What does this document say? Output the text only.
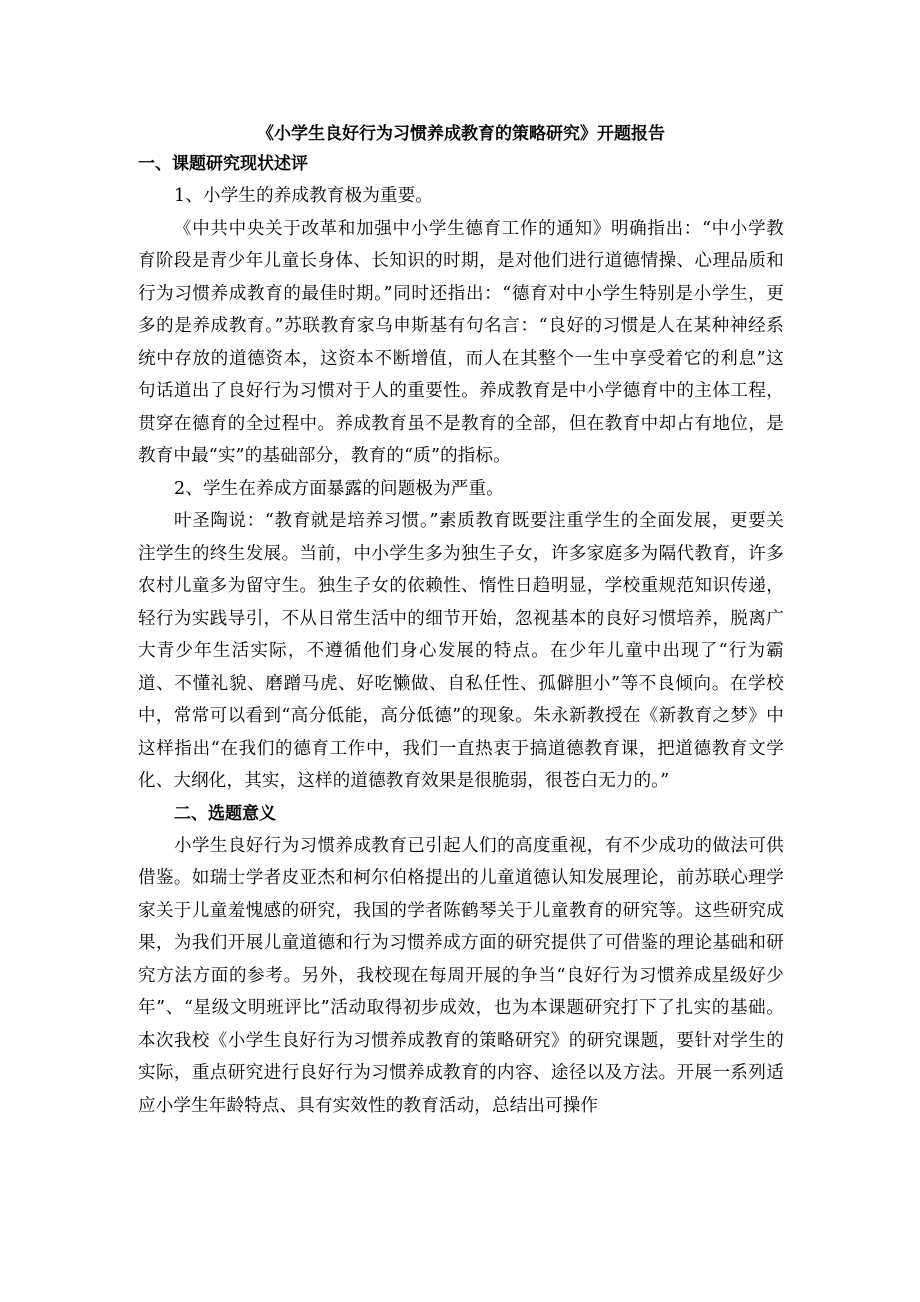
《小学生良好行为习惯养成教育的策略研究》开题报告
一、课题研究现状述评

1、小学生的养成教育极为重要。

《中共中央关于改革和加强中小学生德育工作的通知》明确指出：“中小学教育阶段是青少年儿童长身体、长知识的时期，是对他们进行道德情操、心理品质和行为习惯养成教育的最佳时期。”同时还指出：“德育对中小学生特别是小学生，更多的是养成教育。”苏联教育家乌申斯基有句名言：“良好的习惯是人在某种神经系统中存放的道德资本，这资本不断增值，而人在其整个一生中享受着它的利息”这句话道出了良好行为习惯对于人的重要性。养成教育是中小学德育中的主体工程，贯穿在德育的全过程中。养成教育虽不是教育的全部，但在教育中却占有地位，是教育中最“实”的基础部分，教育的“质”的指标。

2、学生在养成方面暴露的问题极为严重。

叶圣陶说：“教育就是培养习惯。”素质教育既要注重学生的全面发展，更要关注学生的终生发展。当前，中小学生多为独生子女，许多家庭多为隔代教育，许多农村儿童多为留守生。独生子女的依赖性、惰性日趋明显，学校重规范知识传递，轻行为实践导引，不从日常生活中的细节开始，忽视基本的良好习惯培养，脱离广大青少年生活实际，不遵循他们身心发展的特点。在少年儿童中出现了“行为霸道、不懂礼貌、磨蹭马虎、好吃懒做、自私任性、孤僻胆小”等不良倾向。在学校中，常常可以看到“高分低能，高分低德”的现象。朱永新教授在《新教育之梦》中这样指出“在我们的德育工作中，我们一直热衷于搞道德教育课，把道德教育文学化、大纲化，其实，这样的道德教育效果是很脆弱，很苍白无力的。”

二、选题意义

小学生良好行为习惯养成教育已引起人们的高度重视，有不少成功的做法可供借鉴。如瑞士学者皮亚杰和柯尔伯格提出的儿童道德认知发展理论，前苏联心理学家关于儿童羞愧感的研究，我国的学者陈鹤琴关于儿童教育的研究等。这些研究成果，为我们开展儿童道德和行为习惯养成方面的研究提供了可借鉴的理论基础和研究方法方面的参考。另外，我校现在每周开展的争当“良好行为习惯养成星级好少年”、“星级文明班评比”活动取得初步成效，也为本课题研究打下了扎实的基础。本次我校《小学生良好行为习惯养成教育的策略研究》的研究课题，要针对学生的实际，重点研究进行良好行为习惯养成教育的内容、途径以及方法。开展一系列适应小学生年龄特点、具有实效性的教育活动，总结出可操作
